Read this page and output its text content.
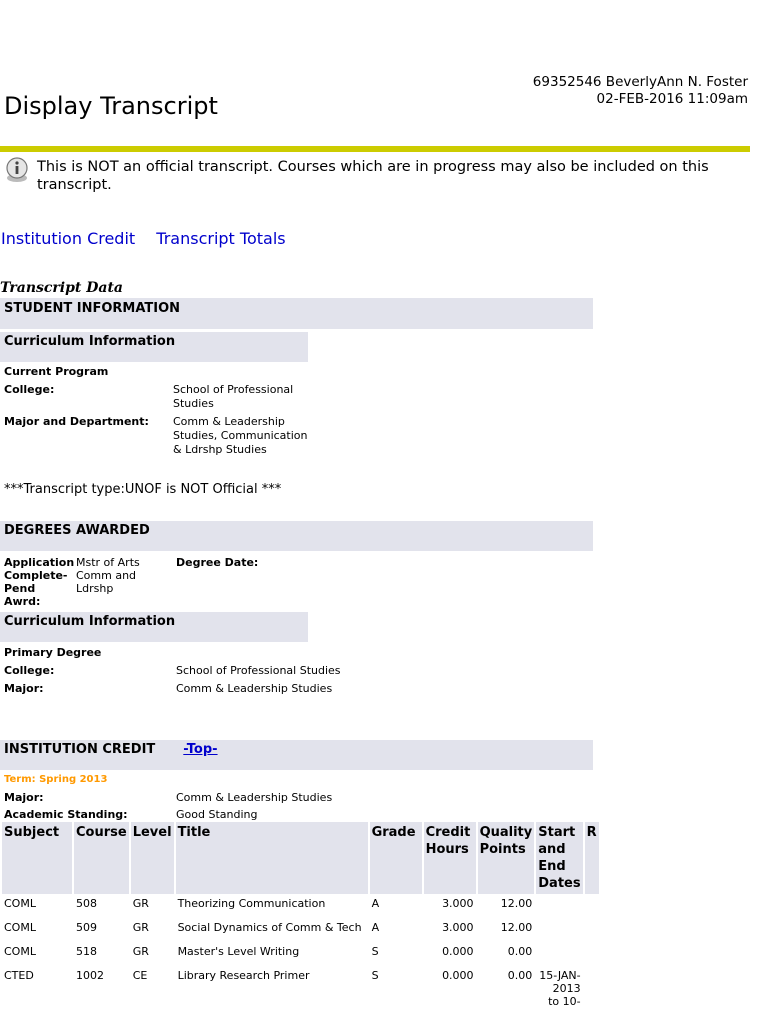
69352546 BeverlyAnn N. Foster
02-FEB-2016 11:09am
Display Transcript
This is NOT an official transcript. Courses which are in progress may also be included on this transcript.
Institution Credit Transcript Totals
Transcript Data
STUDENT INFORMATION
Curriculum Information
Current Program
College:	School of Professional Studies
Major and Department: Comm & Leadership Studies, Communication & Ldrshp Studies
***Transcript type:UNOF is NOT Official ***
DEGREES AWARDED
Application Complete-Pend Awrd:
Mstr of Arts Comm and Ldrshp
Degree Date:
Curriculum Information
Primary Degree
College:	School of Professional Studies
Major:	Comm & Leadership Studies
INSTITUTION CREDIT -Top-
Term: Spring 2013
Major:	Comm & Leadership Studies
Academic Standing:	Good Standing
Subject	Course	Level	Title	Grade	Credit Hours	Quality Points	Start and End Dates	R
COML	508	GR	Theorizing Communication	A	3.000	12.00		
COML	509	GR	Social Dynamics of Comm & Tech	A	3.000	12.00		
COML	518	GR	Master's Level Writing	S	0.000	0.00		
CTED	1002	CE	Library Research Primer	S	0.000	0.00	15-JAN-2013 to 10-	
